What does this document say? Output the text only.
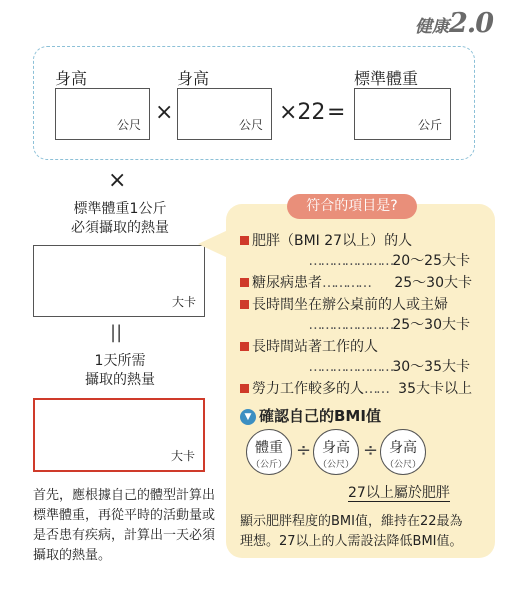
健康 2.0
身高
公尺 ×
身高
公尺 ×22 =
標準體重
公斤
×
標準體重1公斤
必須攝取的熱量
大卡
||
1天所需
攝取的熱量
大卡
首先，應根據自己的體型計算出
標準體重，再從平時的活動量或
是否患有疾病，計算出一天必須
攝取的熱量。
符合的項目是?
肥胖（BMI 27以上）的人
…………………20～25大卡
糖尿病患者………… 25～30大卡
長時間坐在辦公桌前的人或主婦
…………………25～30大卡
長時間站著工作的人
…………………30～35大卡
勞力工作較多的人…… 35大卡以上
▼ 確認自己的BMI值
體重
（公斤）
÷ 身高
（公尺）
÷ 身高
（公尺）
27以上屬於肥胖
顯示肥胖程度的BMI值，維持在22最為
理想。27以上的人需設法降低BMI值。
